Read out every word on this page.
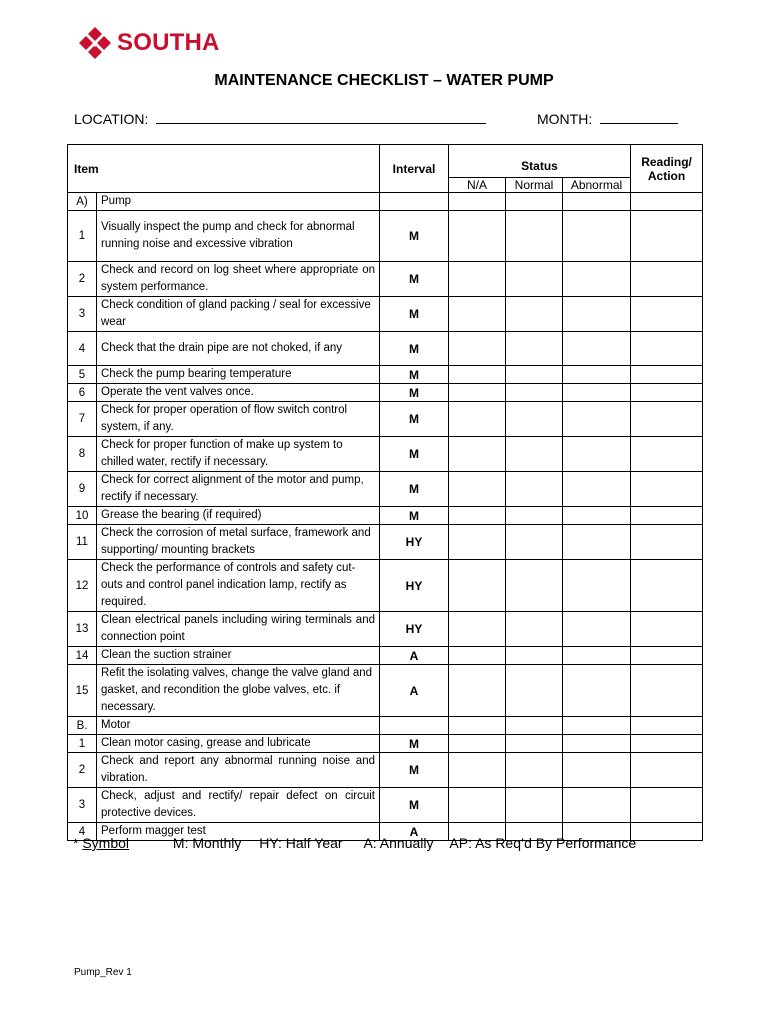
SOUTHA
MAINTENANCE CHECKLIST – WATER PUMP
LOCATION:	MONTH:
Item		Interval	Status			Reading/ Action
			N/A	Normal	Abnormal	
A)	Pump					
1	Visually inspect the pump and check for abnormal running noise and excessive vibration	M				
2	Check and record on log sheet where appropriate on system performance.	M				
3	Check condition of gland packing / seal for excessive wear	M				
4	Check that the drain pipe are not choked, if any	M				
5	Check the pump bearing temperature	M				
6	Operate the vent valves once.	M				
7	Check for proper operation of flow switch control system, if any.	M				
8	Check for proper function of make up system to chilled water, rectify if necessary.	M				
9	Check for correct alignment of the motor and pump, rectify if necessary.	M				
10	Grease the bearing (if required)	M				
11	Check the corrosion of metal surface, framework and supporting/ mounting brackets	HY				
12	Check the performance of controls and safety cut-outs and control panel indication lamp, rectify as required.	HY				
13	Clean electrical panels including wiring terminals and connection point	HY				
14	Clean the suction strainer	A				
15	Refit the isolating valves, change the valve gland and gasket, and recondition the globe valves, etc. if necessary.	A				
B.	Motor					
1	Clean motor casing, grease and lubricate	M				
2	Check and report any abnormal running noise and vibration.	M				
3	Check, adjust and rectify/ repair defect on circuit protective devices.	M				
4	Perform magger test	A				
* Symbol	M: Monthly HY: Half Year A: Annually AP: As Req’d By Performance
Pump_Rev 1
